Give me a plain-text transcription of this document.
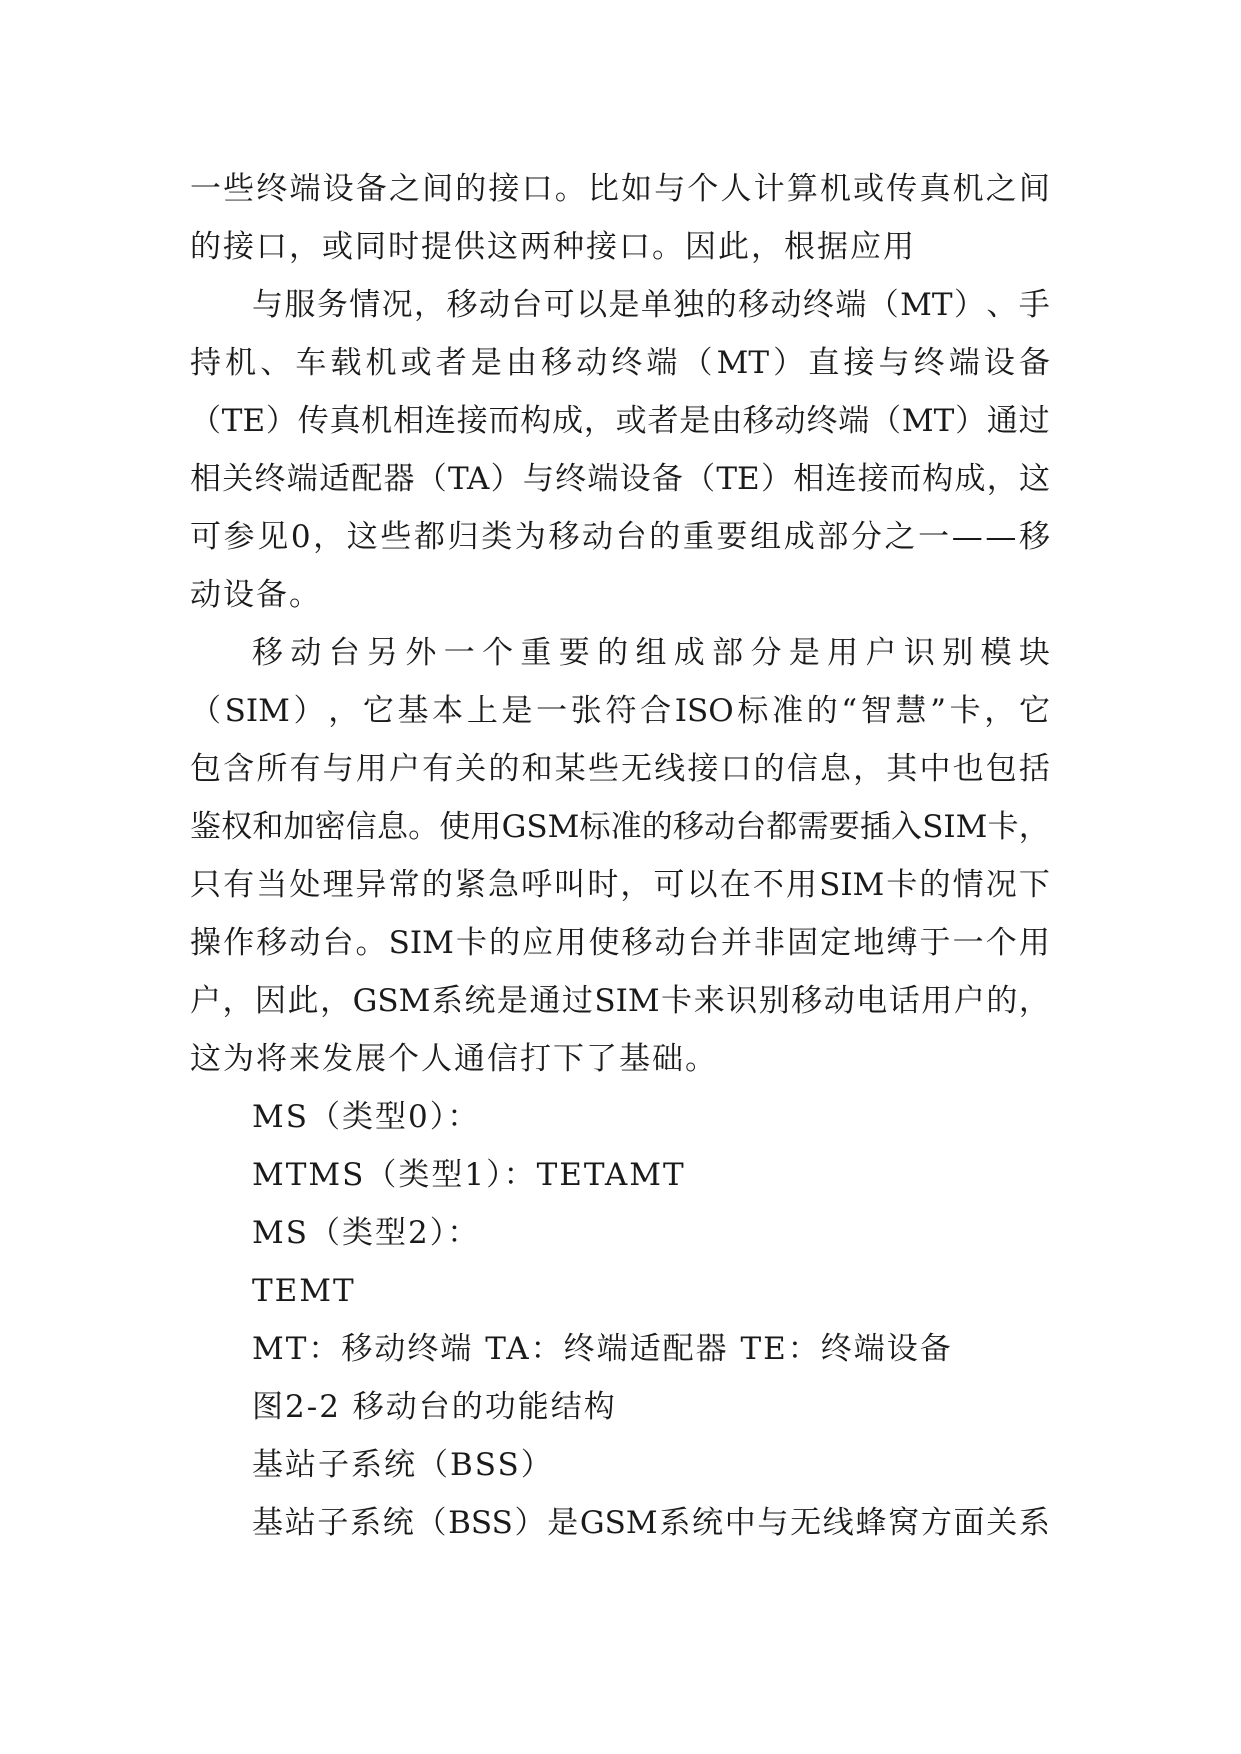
一 些 终 端 设 备 之 间 的 接 口 。 比 如 与 个 人 计 算 机 或 传 真 机 之 间
的接口，或同时提供这两种接口。因此，根据应用
与 服 务 情 况 ， 移 动 台 可 以 是 单 独 的 移 动 终 端 （ MT ） 、 手
持 机 、 车 载 机 或 者 是 由 移 动 终 端 （ MT ） 直 接 与 终 端 设 备
（ TE ） 传 真 机 相 连 接 而 构 成 ， 或 者 是 由 移 动 终 端 （ MT ） 通 过
相 关 终 端 适 配 器 （ TA ） 与 终 端 设 备 （ TE ） 相 连 接 而 构 成 ， 这
可 参 见 0 ， 这 些 都 归 类 为 移 动 台 的 重 要 组 成 部 分 之 一 — — 移
动设备。
移 动 台 另 外 一 个 重 要 的 组 成 部 分 是 用 户 识 别 模 块
（ SIM ） ， 它 基 本 上 是 一 张 符 合 ISO 标 准 的 “ 智 慧 ” 卡 ， 它
包 含 所 有 与 用 户 有 关 的 和 某 些 无 线 接 口 的 信 息 ， 其 中 也 包 括
鉴 权 和 加 密 信 息 。 使 用 GSM 标 准 的 移 动 台 都 需 要 插 入 SIM 卡 ，
只 有 当 处 理 异 常 的 紧 急 呼 叫 时 ， 可 以 在 不 用 SIM 卡 的 情 况 下
操 作 移 动 台 。 SIM 卡 的 应 用 使 移 动 台 并 非 固 定 地 缚 于 一 个 用
户 ， 因 此 ， GSM 系 统 是 通 过 SIM 卡 来 识 别 移 动 电 话 用 户 的 ，
这为将来发展个人通信打下了基础。
MS（类型0）：
MTMS（类型1）：TETAMT
MS（类型2）：
TEMT
MT：移动终端 TA：终端适配器 TE：终端设备
图2-2 移动台的功能结构
基站子系统（BSS）
基 站 子 系 统 （ BSS ） 是 GSM 系 统 中 与 无 线 蜂 窝 方 面 关 系
